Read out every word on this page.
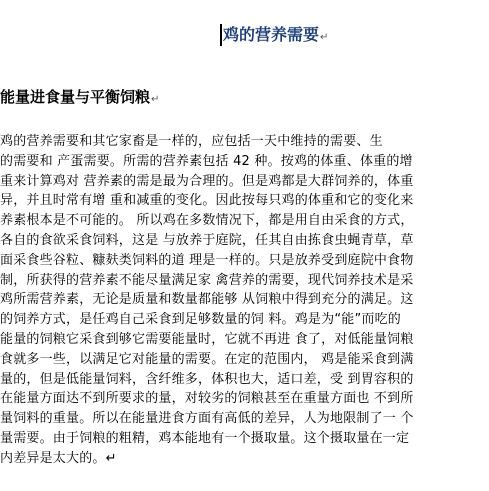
鸡的营养需要↵
能量进食量与平衡饲粮↵
鸡的营养需要和其它家畜是一样的，应包括一天中维持的需要、生
的需要和 产蛋需要。所需的营养素包括 42 种。按鸡的体重、体重的增
重来计算鸡对 营养素的需是最为合理的。但是鸡都是大群饲养的，体重
异，并且时常有增 重和减重的变化。因此按每只鸡的体重和它的变化来
养素根本是不可能的。 所以鸡在多数情况下，都是用自由采食的方式，
各自的食欲采食饲料，这是 与放养于庭院，任其自由拣食虫蝇青草，草
面采食些谷粒、糠麸类饲料的道 理是一样的。只是放养受到庭院中食物
制，所获得的营养素不能尽量满足家 禽营养的需要，现代饲养技术是采
鸡所需营养素，无论是质量和数量都能够 从饲粮中得到充分的满足。这
的饲养方式，是任鸡自己采食到足够数量的饲 料。鸡是为“能”而吃的
能量的饲粮它采食到够它需要能量时，它就不再进 食了，对低能量饲粮
食就多一些，以满足它对能量的需要。在定的范围内， 鸡是能采食到满
量的，但是低能量饲料，含纤维多，体积也大，适口差，受 到胃容积的
在能量方面达不到所要求的量，对较劣的饲粮甚至在重量方面也 不到所
量饲料的重量。所以在能量进食方面有高低的差异，人为地限制了一 个
量需要。由于饲粮的粗精，鸡本能地有一个摄取量。这个摄取量在一定
内差异是太大的。↵
